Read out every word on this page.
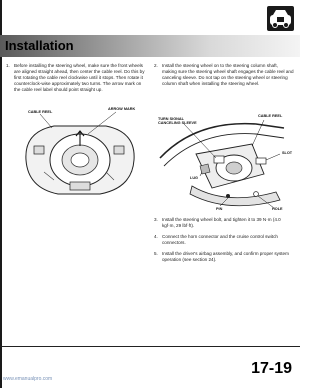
Installation
1. Before installing the steering wheel, make sure the front wheels are aligned straight ahead, then center the cable reel. Do this by first rotating the cable reel clockwise until it stops. Then rotate it counterclock-wise approximately two turns. The arrow mark on the cable reel label should point straight up.
ARROW MARK
CABLE REEL
2. Install the steering wheel on to the steering column shaft, making sure the steering wheel shaft engages the cable reel and canceling sleeve. Do not tap on the steering wheel or steering column shaft when installing the steering wheel.
TURN SIGNAL
CANCELING SLEEVE
CABLE REEL
LUG
SLOT
PIN	HOLE
3. Install the steering wheel bolt, and tighten it to 39 N·m (4.0 kgf·m, 29 lbf·ft).
4. Connect the horn connector and the cruise control switch connectors.
5. Install the driver's airbag assembly, and confirm proper system operation (see section 24).
17-19
www.emanualpro.com
